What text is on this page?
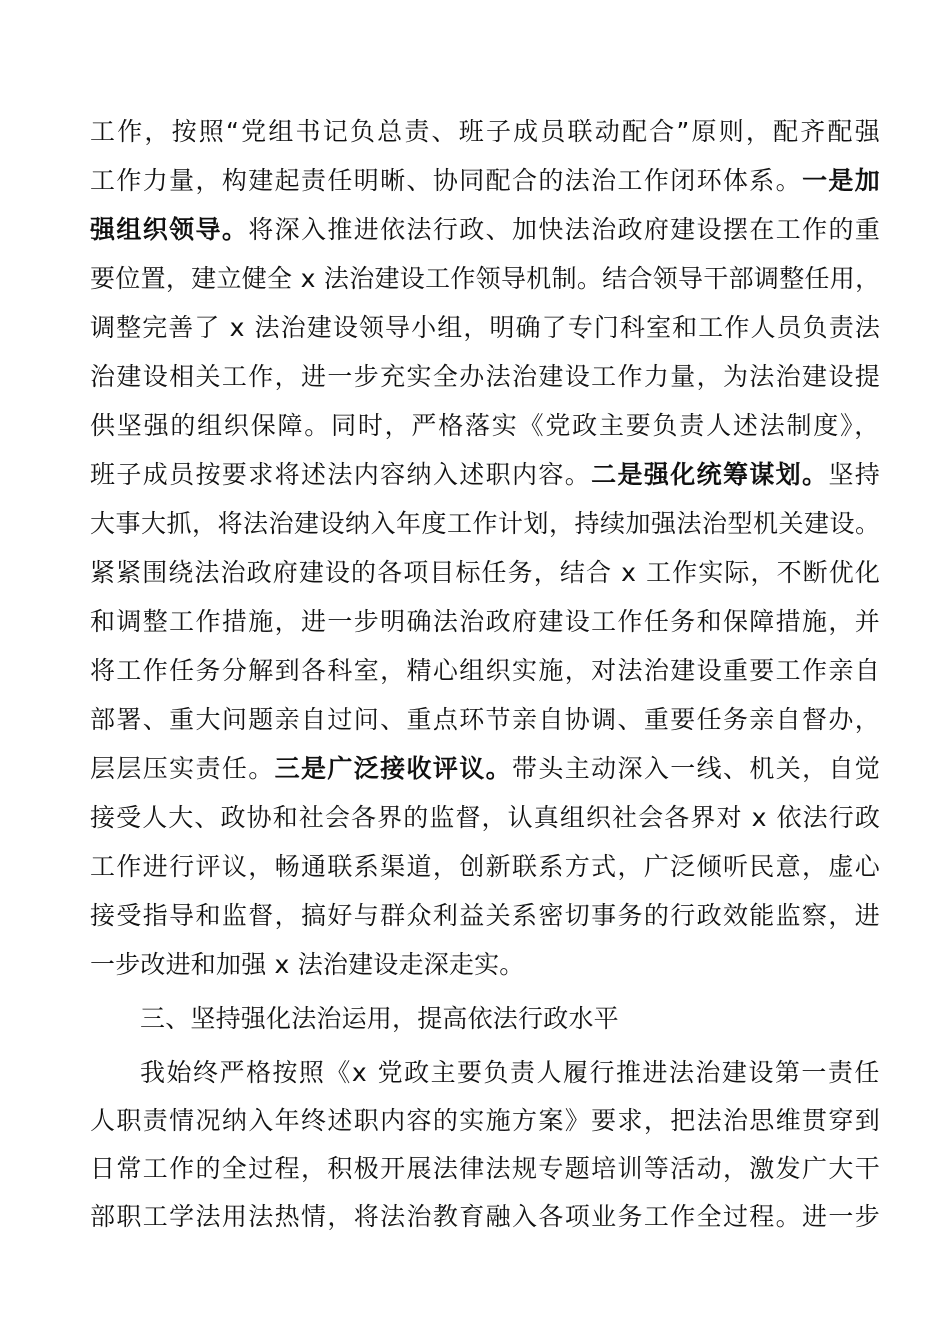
工作，按照“党组书记负总责、班子成员联动配合”原则，配齐配强
工作力量，构建起责任明晰、协同配合的法治工作闭环体系。一是加
强组织领导。将深入推进依法行政、加快法治政府建设摆在工作的重
要位置，建立健全 x 法治建设工作领导机制。结合领导干部调整任用，
调整完善了 x 法治建设领导小组，明确了专门科室和工作人员负责法
治建设相关工作，进一步充实全办法治建设工作力量，为法治建设提
供坚强的组织保障。同时，严格落实《党政主要负责人述法制度》，
班子成员按要求将述法内容纳入述职内容。二是强化统筹谋划。坚持
大事大抓，将法治建设纳入年度工作计划，持续加强法治型机关建设。
紧紧围绕法治政府建设的各项目标任务，结合 x 工作实际，不断优化
和调整工作措施，进一步明确法治政府建设工作任务和保障措施，并
将工作任务分解到各科室，精心组织实施，对法治建设重要工作亲自
部署、重大问题亲自过问、重点环节亲自协调、重要任务亲自督办，
层层压实责任。三是广泛接收评议。带头主动深入一线、机关，自觉
接受人大、政协和社会各界的监督，认真组织社会各界对 x 依法行政
工作进行评议，畅通联系渠道，创新联系方式，广泛倾听民意，虚心
接受指导和监督，搞好与群众利益关系密切事务的行政效能监察，进
一步改进和加强 x 法治建设走深走实。
三、坚持强化法治运用，提高依法行政水平
我始终严格按照《x 党政主要负责人履行推进法治建设第一责任
人职责情况纳入年终述职内容的实施方案》要求，把法治思维贯穿到
日常工作的全过程，积极开展法律法规专题培训等活动，激发广大干
部职工学法用法热情，将法治教育融入各项业务工作全过程。进一步
